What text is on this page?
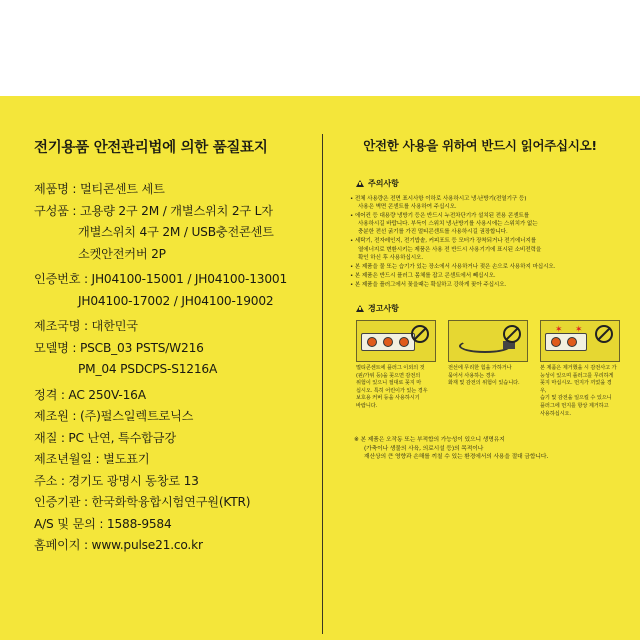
전기용품 안전관리법에 의한 품질표지
제품명 : 멀티콘센트 세트
구성품 : 고용량 2구 2M / 개별스위치 2구 L자
개별스위치 4구 2M / USB충전콘센트
소켓안전커버 2P
인증번호 : JH04100-15001 / JH04100-13001
JH04100-17002 / JH04100-19002
제조국명 : 대한민국
모델명 : PSCB_03 PSTS/W216
PM_04 PSDCPS-S1216A
정격 : AC 250V-16A
제조원 : (주)펄스일렉트로닉스
재질 : PC 난연, 특수합금강
제조년월일 : 별도표기
주소 : 경기도 광명시 동창로 13
인증기관 : 한국화학융합시험연구원(KTR)
A/S 및 문의 : 1588-9584
홈페이지 : www.pulse21.co.kr
안전한 사용을 위하여 반드시 읽어주십시오!
주의사항
• 전체 사용량은 전면 표시사항 이하로 사용하시고 냉·난방기(전열기구 등)
사용은 벽면 콘센트를 사용하여 주십시오.
• 에어컨 등 대용량 냉방기 등은 반드시 누전차단기가 설치된 전용 콘센트를
사용하시길 바랍니다. 부득이 스위치 냉·난방기를 사용시에는 스위치가 없는
충분한 전선 굵기를 가진 멀티콘센트를 사용하시길 권장합니다.
• 세탁기, 전자레인지, 전기밥솥, 커피포트 등 모터가 장착되거나 전기에너지를
열에너지로 변환시키는 제품은 사용 전 반드시 사용기기에 표시된 소비전력을
확인 하신 후 사용하십시오.
• 본 제품을 물 또는 습기가 있는 장소에서 사용하거나 젖은 손으로 사용하지 마십시오.
• 본 제품은 반드시 플러그 몸체를 잡고 콘센트에서 빼십시오.
• 본 제품을 플러그에서 꽂을때는 확실하고 강하게 꽂아 주십시오.
경고사항
멀티콘센트에 플러그 이외의 것
(핀/가위 등)을 꽂으면 감전의
위험이 있으니 절대로 꽂지 마
십시오. 특히 어린이가 있는 경우
보호용 커버 등을 사용하시기
바랍니다.
전선에 무리한 힘을 가하거나
묶어서 사용하는 경우
화재 및 감전의 위험이 있습니다.
✶ ✶
본 제품은 제거했을 시 감전사고 가
능성이 있으며 플러그를 무리하게
꽂지 마십시오. 먼지가 끼었을 경우,
습기 및 감전을 일으킬 수 있으니
플러그에 먼지를 항상 제거하고
사용하십시오.
※ 본 제품은 오작동 또는 부적합의 가능성이 있으니 생명유지
(가축이나 생물의 사육, 의료시설 등)의 목적이나
재산상의 큰 영향과 손해를 끼칠 수 있는 환경에서의 사용을 절대 금합니다.
